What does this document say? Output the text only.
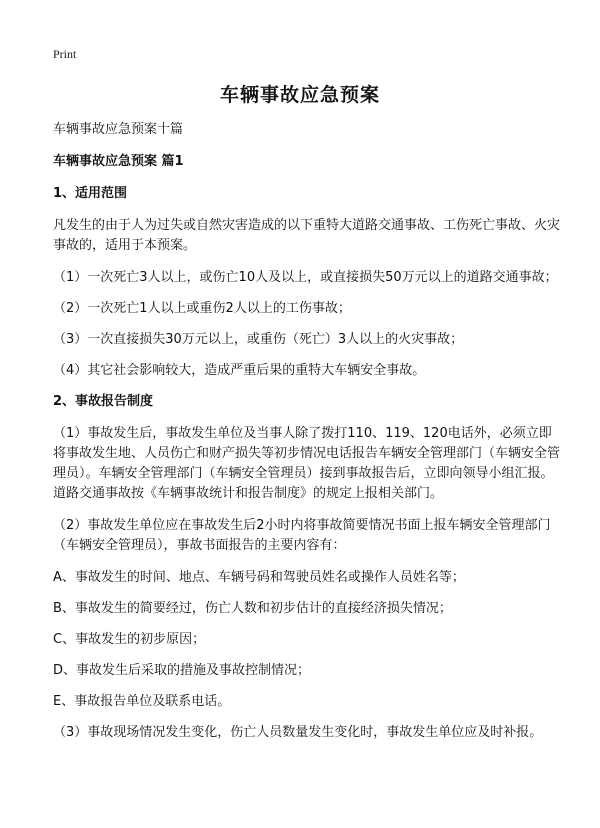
Print
车辆事故应急预案

车辆事故应急预案十篇

车辆事故应急预案 篇1

1、适用范围

凡发生的由于人为过失或自然灾害造成的以下重特大道路交通事故、工伤死亡事故、火灾事故的，适用于本预案。

（1）一次死亡3人以上，或伤亡10人及以上，或直接损失50万元以上的道路交通事故；

（2）一次死亡1人以上或重伤2人以上的工伤事故；

（3）一次直接损失30万元以上，或重伤（死亡）3人以上的火灾事故；

（4）其它社会影响较大，造成严重后果的重特大车辆安全事故。

2、事故报告制度

（1）事故发生后，事故发生单位及当事人除了拨打110、119、120电话外，必须立即将事故发生地、人员伤亡和财产损失等初步情况电话报告车辆安全管理部门（车辆安全管理员）。车辆安全管理部门（车辆安全管理员）接到事故报告后，立即向领导小组汇报。道路交通事故按《车辆事故统计和报告制度》的规定上报相关部门。

（2）事故发生单位应在事故发生后2小时内将事故简要情况书面上报车辆安全管理部门（车辆安全管理员），事故书面报告的主要内容有：

A、事故发生的时间、地点、车辆号码和驾驶员姓名或操作人员姓名等；

B、事故发生的简要经过，伤亡人数和初步估计的直接经济损失情况；

C、事故发生的初步原因；

D、事故发生后采取的措施及事故控制情况；

E、事故报告单位及联系电话。

（3）事故现场情况发生变化，伤亡人员数量发生变化时，事故发生单位应及时补报。
